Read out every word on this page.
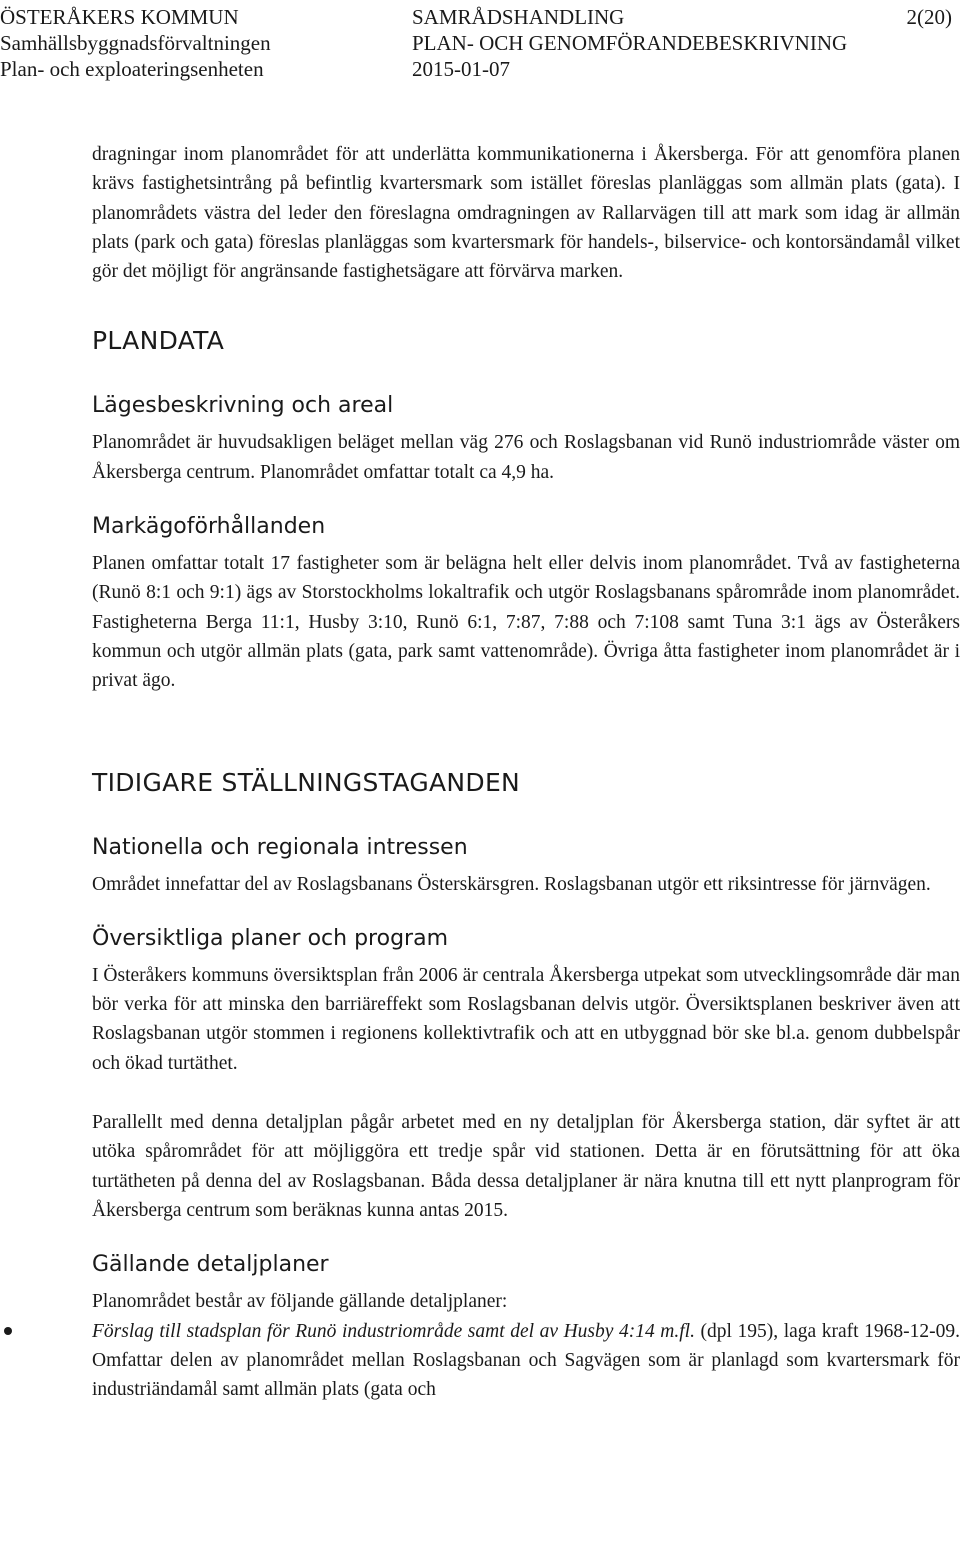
ÖSTERÅKERS KOMMUN
Samhällsbyggnadsförvaltningen
Plan- och exploateringsenheten
SAMRÅDSHANDLING
PLAN- OCH GENOMFÖRANDEBESKRIVNING
2015-01-07
2(20)

dragningar inom planområdet för att underlätta kommunikationerna i Åkersberga. För att genomföra planen krävs fastighetsintrång på befintlig kvartersmark som istället föreslas planläggas som allmän plats (gata). I planområdets västra del leder den föreslagna omdragningen av Rallarvägen till att mark som idag är allmän plats (park och gata) föreslas planläggas som kvartersmark för handels-, bilservice- och kontorsändamål vilket gör det möjligt för angränsande fastighetsägare att förvärva marken.

PLANDATA
Lägesbeskrivning och areal

Planområdet är huvudsakligen beläget mellan väg 276 och Roslagsbanan vid Runö industriområde väster om Åkersberga centrum. Planområdet omfattar totalt ca 4,9 ha.

Markägoförhållanden

Planen omfattar totalt 17 fastigheter som är belägna helt eller delvis inom planområdet. Två av fastigheterna (Runö 8:1 och 9:1) ägs av Storstockholms lokaltrafik och utgör Roslagsbanans spårområde inom planområdet. Fastigheterna Berga 11:1, Husby 3:10, Runö 6:1, 7:87, 7:88 och 7:108 samt Tuna 3:1 ägs av Österåkers kommun och utgör allmän plats (gata, park samt vattenområde). Övriga åtta fastigheter inom planområdet är i privat ägo.

TIDIGARE STÄLLNINGSTAGANDEN
Nationella och regionala intressen

Området innefattar del av Roslagsbanans Österskärsgren. Roslagsbanan utgör ett riksintresse för järnvägen.

Översiktliga planer och program

I Österåkers kommuns översiktsplan från 2006 är centrala Åkersberga utpekat som utvecklingsområde där man bör verka för att minska den barriäreffekt som Roslagsbanan delvis utgör. Översiktsplanen beskriver även att Roslagsbanan utgör stommen i regionens kollektivtrafik och att en utbyggnad bör ske bl.a. genom dubbelspår och ökad turtäthet.

Parallellt med denna detaljplan pågår arbetet med en ny detaljplan för Åkersberga station, där syftet är att utöka spårområdet för att möjliggöra ett tredje spår vid stationen. Detta är en förutsättning för att öka turtätheten på denna del av Roslagsbanan. Båda dessa detaljplaner är nära knutna till ett nytt planprogram för Åkersberga centrum som beräknas kunna antas 2015.

Gällande detaljplaner

Planområdet består av följande gällande detaljplaner:

Förslag till stadsplan för Runö industriområde samt del av Husby 4:14 m.fl. (dpl 195), laga kraft 1968-12-09. Omfattar delen av planområdet mellan Roslagsbanan och Sagvägen som är planlagd som kvartersmark för industriändamål samt allmän plats (gata och
